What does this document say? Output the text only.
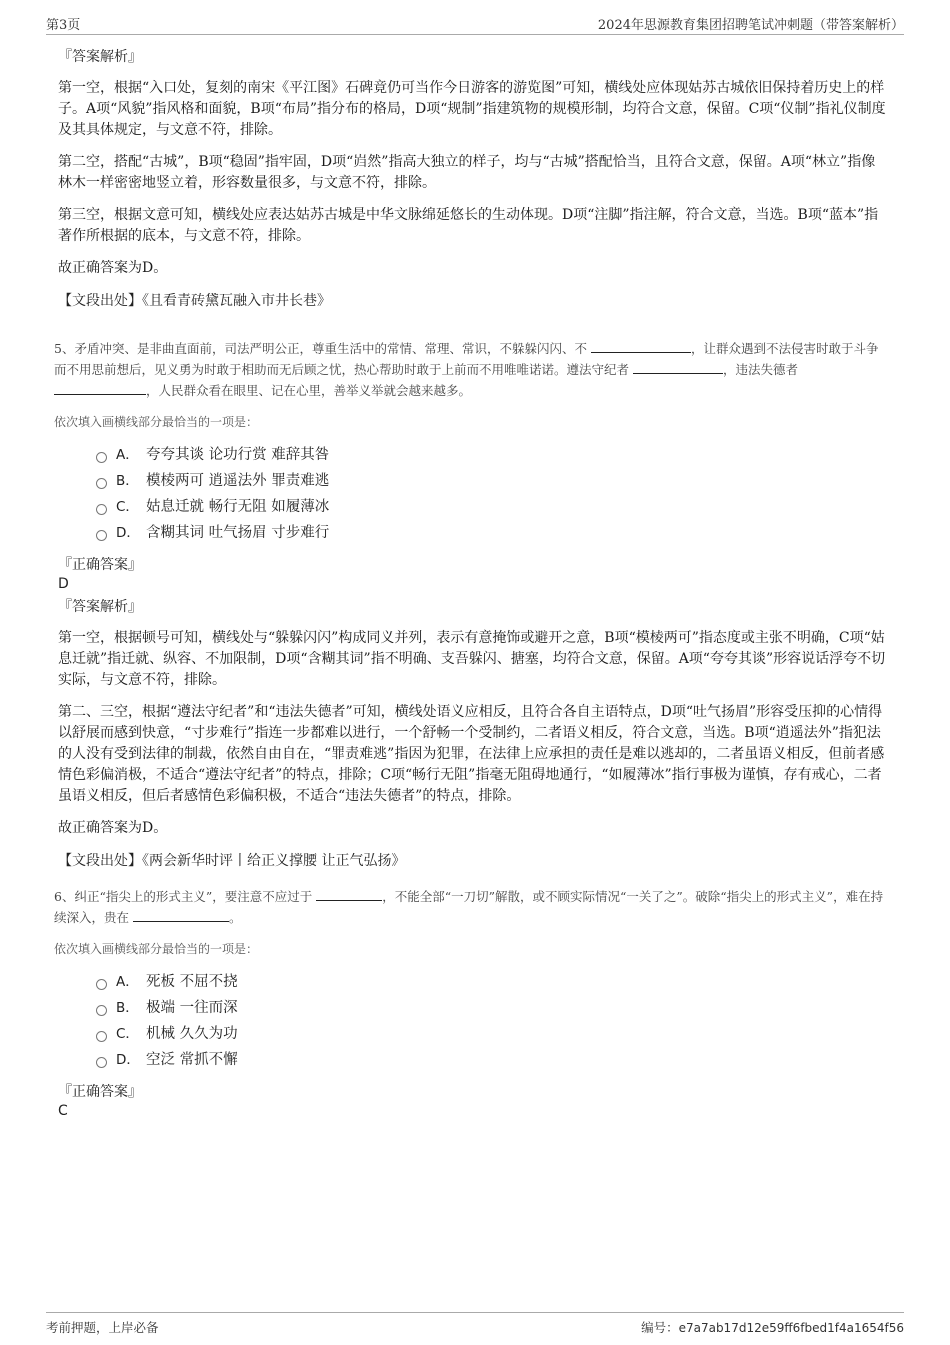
第3页	2024年思源教育集团招聘笔试冲刺题（带答案解析）
『答案解析』
第一空，根据“入口处，复刻的南宋《平江图》石碑竟仍可当作今日游客的游览图”可知，横线处应体现姑苏古城依旧保持着历史上的样子。A项“风貌”指风格和面貌，B项“布局”指分布的格局，D项“规制”指建筑物的规模形制，均符合文意，保留。C项“仪制”指礼仪制度及其具体规定，与文意不符，排除。
第二空，搭配“古城”，B项“稳固”指牢固，D项“岿然”指高大独立的样子，均与“古城”搭配恰当，且符合文意，保留。A项“林立”指像林木一样密密地竖立着，形容数量很多，与文意不符，排除。
第三空，根据文意可知，横线处应表达姑苏古城是中华文脉绵延悠长的生动体现。D项“注脚”指注解，符合文意，当选。B项“蓝本”指著作所根据的底本，与文意不符，排除。
故正确答案为D。
【文段出处】《且看青砖黛瓦融入市井长巷》
5、矛盾冲突、是非曲直面前，司法严明公正，尊重生活中的常情、常理、常识，不躲躲闪闪、不	，让群众遇到不法侵害时敢于斗争而不用思前想后，见义勇为时敢于相助而无后顾之忧，热心帮助时敢于上前而不用唯唯诺诺。遵法守纪者	，违法失德者
，人民群众看在眼里、记在心里，善举义举就会越来越多。
依次填入画横线部分最恰当的一项是：
A． 夸夸其谈 论功行赏 难辞其咎
B． 模棱两可 逍遥法外 罪责难逃
C． 姑息迁就 畅行无阻 如履薄冰
D． 含糊其词 吐气扬眉 寸步难行
『正确答案』
D
『答案解析』
第一空，根据顿号可知，横线处与“躲躲闪闪”构成同义并列，表示有意掩饰或避开之意，B项“模棱两可”指态度或主张不明确，C项“姑息迁就”指迁就、纵容、不加限制，D项“含糊其词”指不明确、支吾躲闪、搪塞，均符合文意，保留。A项“夸夸其谈”形容说话浮夸不切实际，与文意不符，排除。
第二、三空，根据“遵法守纪者”和“违法失德者”可知，横线处语义应相反，且符合各自主语特点，D项“吐气扬眉”形容受压抑的心情得以舒展而感到快意，“寸步难行”指连一步都难以进行，一个舒畅一个受制约，二者语义相反，符合文意，当选。B项“逍遥法外”指犯法的人没有受到法律的制裁，依然自由自在，“罪责难逃”指因为犯罪，在法律上应承担的责任是难以逃却的，二者虽语义相反，但前者感情色彩偏消极，不适合“遵法守纪者”的特点，排除；C项“畅行无阻”指毫无阻碍地通行，“如履薄冰”指行事极为谨慎，存有戒心，二者虽语义相反，但后者感情色彩偏积极，不适合“违法失德者”的特点，排除。
故正确答案为D。
【文段出处】《两会新华时评丨给正义撑腰 让正气弘扬》
6、纠正“指尖上的形式主义”，要注意不应过于	，不能全部“一刀切”解散，或不顾实际情况“一关了之”。破除“指尖上的形式主义”，难在持续深入，贵在	。
依次填入画横线部分最恰当的一项是：
A． 死板 不屈不挠
B． 极端 一往而深
C． 机械 久久为功
D． 空泛 常抓不懈
『正确答案』
C
考前押题，上岸必备	编号：e7a7ab17d12e59ff6fbed1f4a1654f56
